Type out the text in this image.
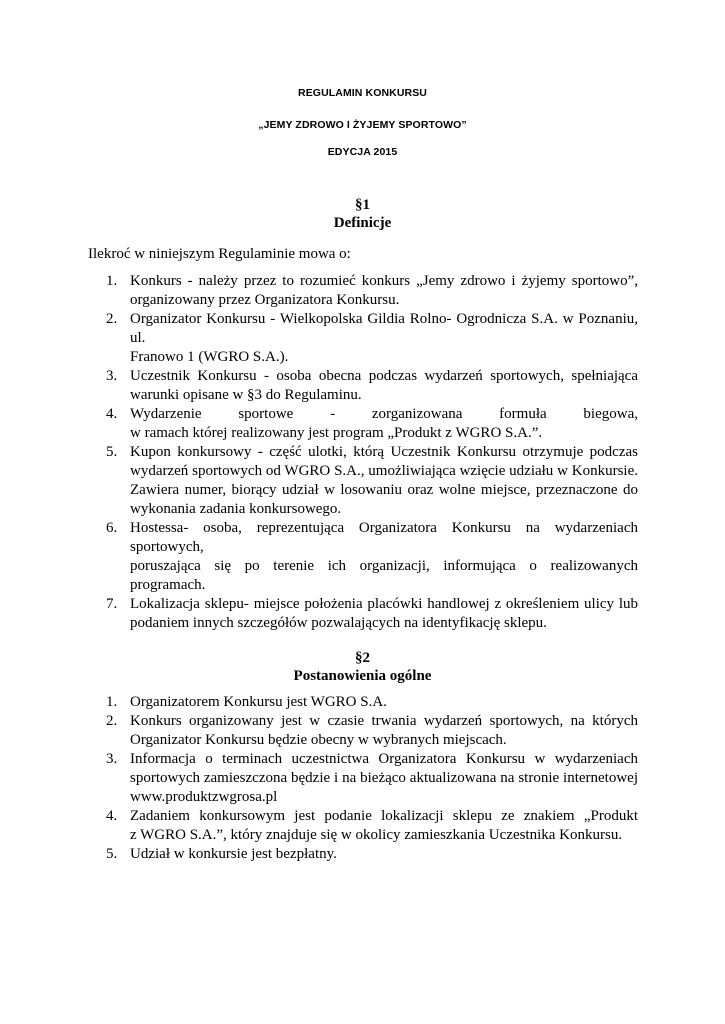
REGULAMIN KONKURSU
„JEMY ZDROWO I ŻYJEMY SPORTOWO”
EDYCJA 2015
§1
Definicje
Ilekroć w niniejszym Regulaminie mowa o:
1. Konkurs - należy przez to rozumieć konkurs „Jemy zdrowo i żyjemy sportowo”,
organizowany przez Organizatora Konkursu.
2. Organizator Konkursu - Wielkopolska Gildia Rolno- Ogrodnicza S.A. w Poznaniu, ul.
Franowo 1 (WGRO S.A.).
3. Uczestnik Konkursu - osoba obecna podczas wydarzeń sportowych, spełniająca
warunki opisane w §3 do Regulaminu.
4. Wydarzenie sportowe - zorganizowana formuła biegowa,
w ramach której realizowany jest program „Produkt z WGRO S.A.”.
5. Kupon konkursowy - część ulotki, którą Uczestnik Konkursu otrzymuje podczas
wydarzeń sportowych od WGRO S.A., umożliwiająca wzięcie udziału w Konkursie.
Zawiera numer, biorący udział w losowaniu oraz wolne miejsce, przeznaczone do
wykonania zadania konkursowego.
6. Hostessa- osoba, reprezentująca Organizatora Konkursu na wydarzeniach sportowych,
poruszająca się po terenie ich organizacji, informująca o realizowanych programach.
7. Lokalizacja sklepu- miejsce położenia placówki handlowej z określeniem ulicy lub
podaniem innych szczegółów pozwalających na identyfikację sklepu.
§2
Postanowienia ogólne
1. Organizatorem Konkursu jest WGRO S.A.
2. Konkurs organizowany jest w czasie trwania wydarzeń sportowych, na których
Organizator Konkursu będzie obecny w wybranych miejscach.
3. Informacja o terminach uczestnictwa Organizatora Konkursu w wydarzeniach
sportowych zamieszczona będzie i na bieżąco aktualizowana na stronie internetowej
www.produktzwgrosa.pl
4. Zadaniem konkursowym jest podanie lokalizacji sklepu ze znakiem „Produkt
z WGRO S.A.”, który znajduje się w okolicy zamieszkania Uczestnika Konkursu.
5. Udział w konkursie jest bezpłatny.
